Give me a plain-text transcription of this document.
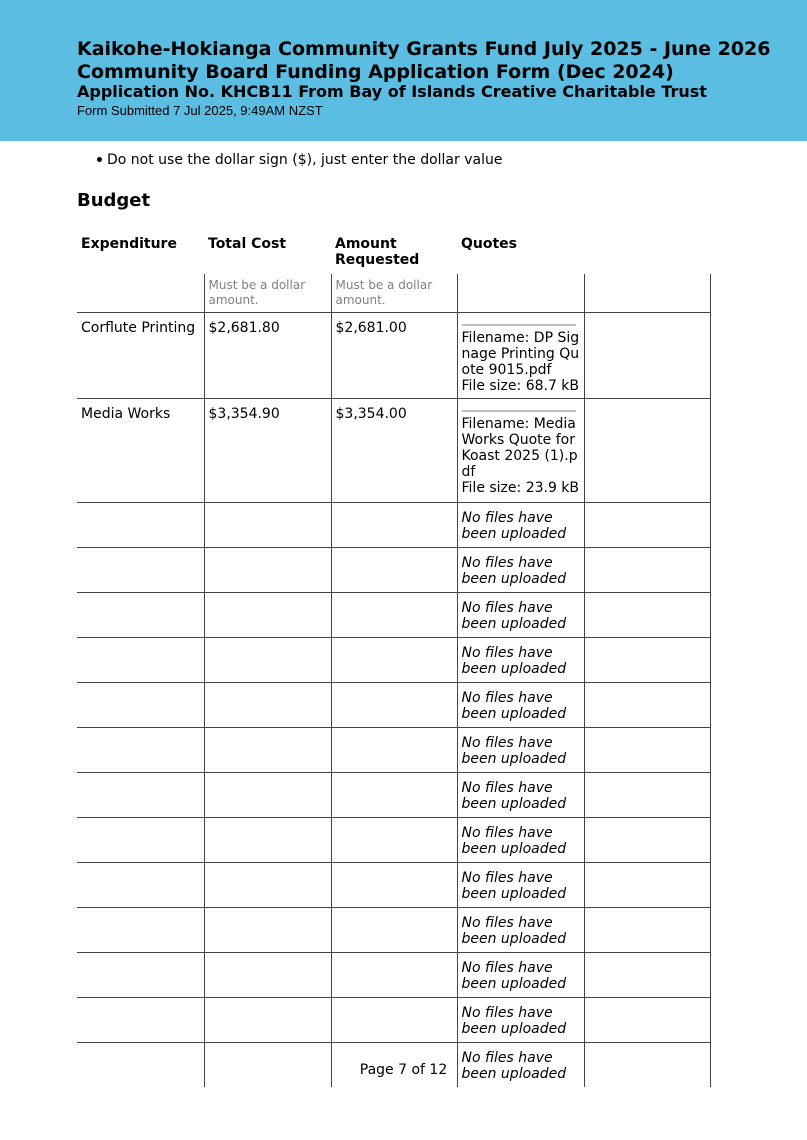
Kaikohe-Hokianga Community Grants Fund July 2025 - June 2026
Community Board Funding Application Form (Dec 2024)
Application No. KHCB11 From Bay of Islands Creative Charitable Trust
Form Submitted 7 Jul 2025, 9:49AM NZST
Do not use the dollar sign ($), just enter the dollar value
Budget
Expenditure	Total Cost	Amount
Requested	Quotes	
	Must be a dollar amount.	Must be a dollar amount.		
Corflute Printing	$2,681.80	$2,681.00	Filename: DP Signage Printing Quote 9015.pdf
File size: 68.7 kB	

Media Works	$3,354.90	$3,354.00	Filename: Media Works Quote for Koast 2025 (1).pdf
File size: 23.9 kB	

			No files have been uploaded	

			No files have been uploaded	

			No files have been uploaded	

			No files have been uploaded	

			No files have been uploaded	

			No files have been uploaded	

			No files have been uploaded	

			No files have been uploaded	

			No files have been uploaded	

			No files have been uploaded	

			No files have been uploaded	

			No files have been uploaded	

			No files have been uploaded	

Page 7 of 12
